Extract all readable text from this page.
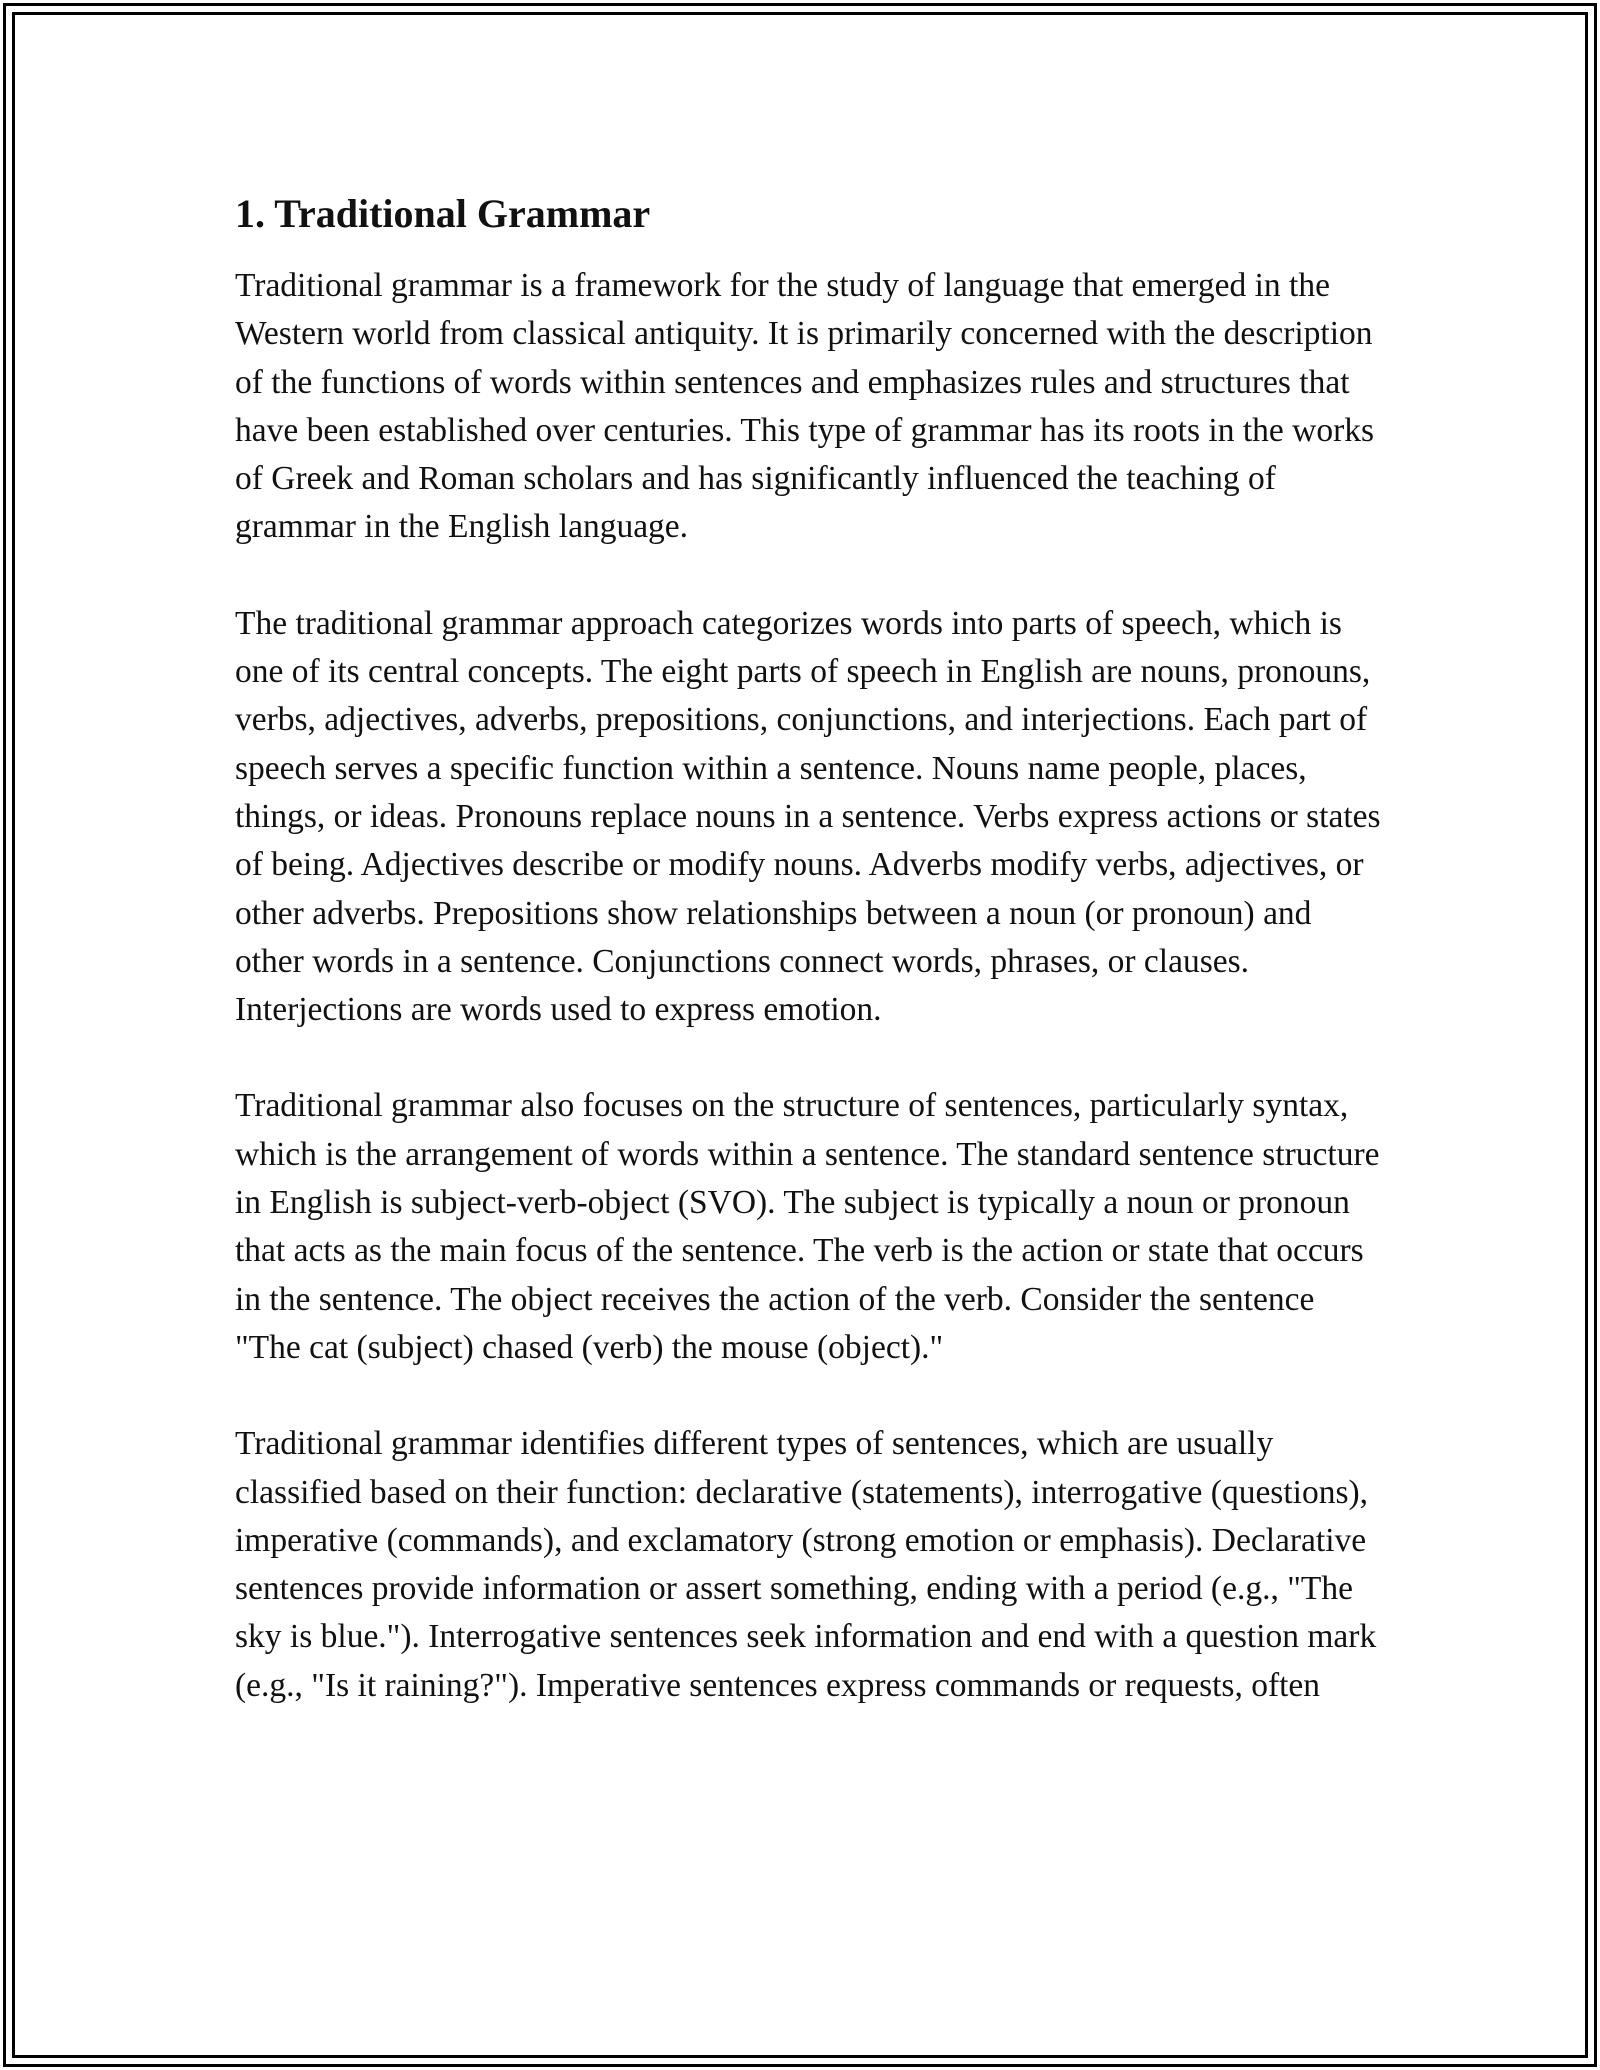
1. Traditional Grammar

Traditional grammar is a framework for the study of language that emerged in the Western world from classical antiquity. It is primarily concerned with the description of the functions of words within sentences and emphasizes rules and structures that have been established over centuries. This type of grammar has its roots in the works of Greek and Roman scholars and has significantly influenced the teaching of grammar in the English language.

The traditional grammar approach categorizes words into parts of speech, which is one of its central concepts. The eight parts of speech in English are nouns, pronouns, verbs, adjectives, adverbs, prepositions, conjunctions, and interjections. Each part of speech serves a specific function within a sentence. Nouns name people, places, things, or ideas. Pronouns replace nouns in a sentence. Verbs express actions or states of being. Adjectives describe or modify nouns. Adverbs modify verbs, adjectives, or other adverbs. Prepositions show relationships between a noun (or pronoun) and other words in a sentence. Conjunctions connect words, phrases, or clauses. Interjections are words used to express emotion.

Traditional grammar also focuses on the structure of sentences, particularly syntax, which is the arrangement of words within a sentence. The standard sentence structure in English is subject-verb-object (SVO). The subject is typically a noun or pronoun that acts as the main focus of the sentence. The verb is the action or state that occurs in the sentence. The object receives the action of the verb. Consider the sentence "The cat (subject) chased (verb) the mouse (object)."

Traditional grammar identifies different types of sentences, which are usually classified based on their function: declarative (statements), interrogative (questions), imperative (commands), and exclamatory (strong emotion or emphasis). Declarative sentences provide information or assert something, ending with a period (e.g., "The sky is blue."). Interrogative sentences seek information and end with a question mark (e.g., "Is it raining?"). Imperative sentences express commands or requests, often
